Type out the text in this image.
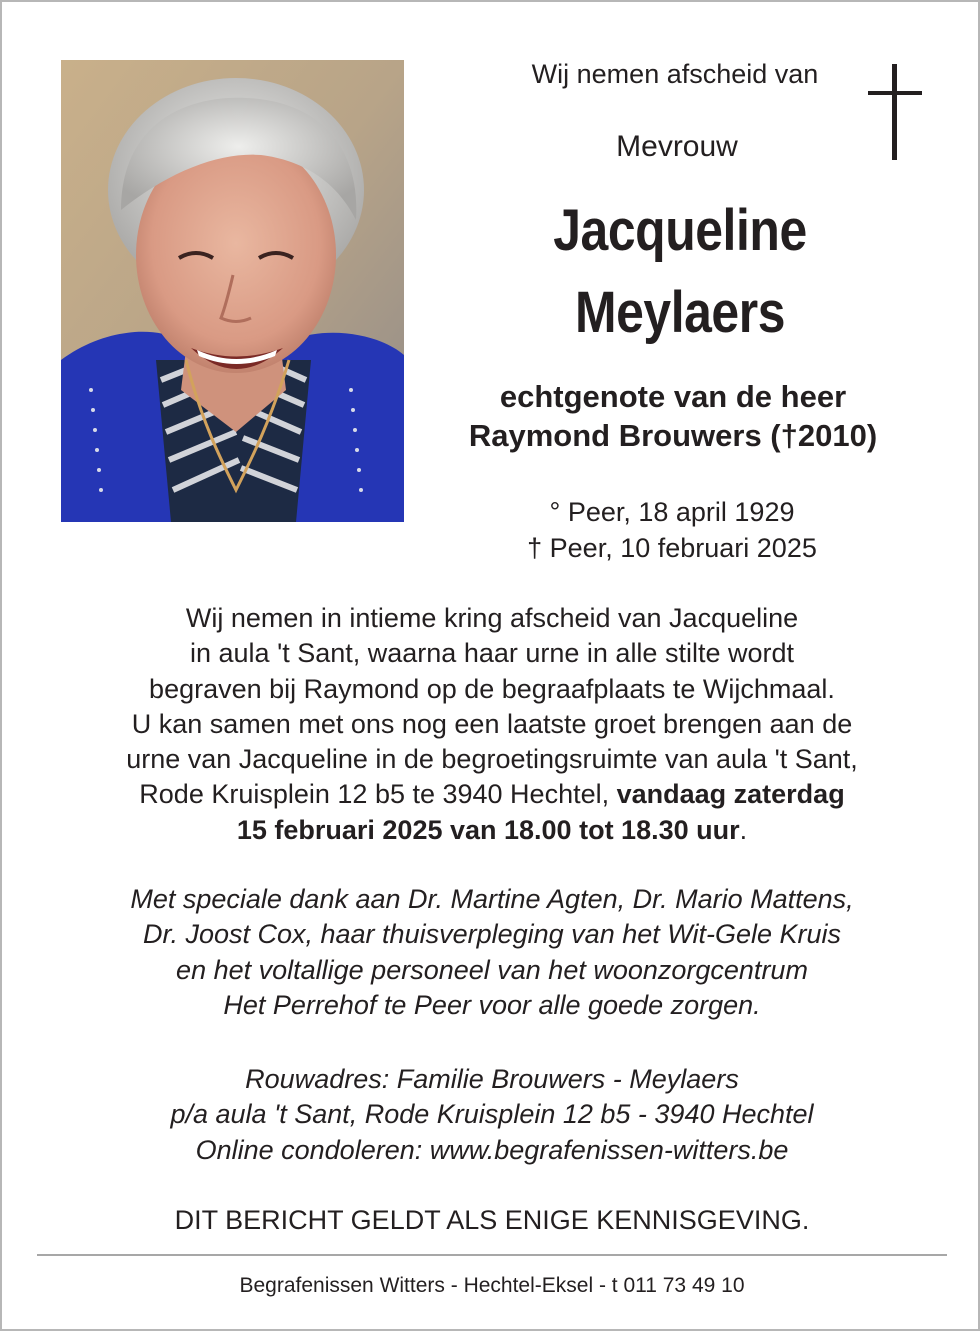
Wij nemen afscheid van
Mevrouw
Jacqueline
Meylaers
echtgenote van de heer
Raymond Brouwers (†2010)
° Peer, 18 april 1929
† Peer, 10 februari 2025
Wij nemen in intieme kring afscheid van Jacqueline
in aula 't Sant, waarna haar urne in alle stilte wordt
begraven bij Raymond op de begraafplaats te Wijchmaal.
U kan samen met ons nog een laatste groet brengen aan de
urne van Jacqueline in de begroetingsruimte van aula 't Sant,
Rode Kruisplein 12 b5 te 3940 Hechtel, vandaag zaterdag
15 februari 2025 van 18.00 tot 18.30 uur.
Met speciale dank aan Dr. Martine Agten, Dr. Mario Mattens,
Dr. Joost Cox, haar thuisverpleging van het Wit-Gele Kruis
en het voltallige personeel van het woonzorgcentrum
Het Perrehof te Peer voor alle goede zorgen.
Rouwadres: Familie Brouwers - Meylaers
p/a aula 't Sant, Rode Kruisplein 12 b5 - 3940 Hechtel
Online condoleren: www.begrafenissen-witters.be
DIT BERICHT GELDT ALS ENIGE KENNISGEVING.
Begrafenissen Witters - Hechtel-Eksel - t 011 73 49 10
